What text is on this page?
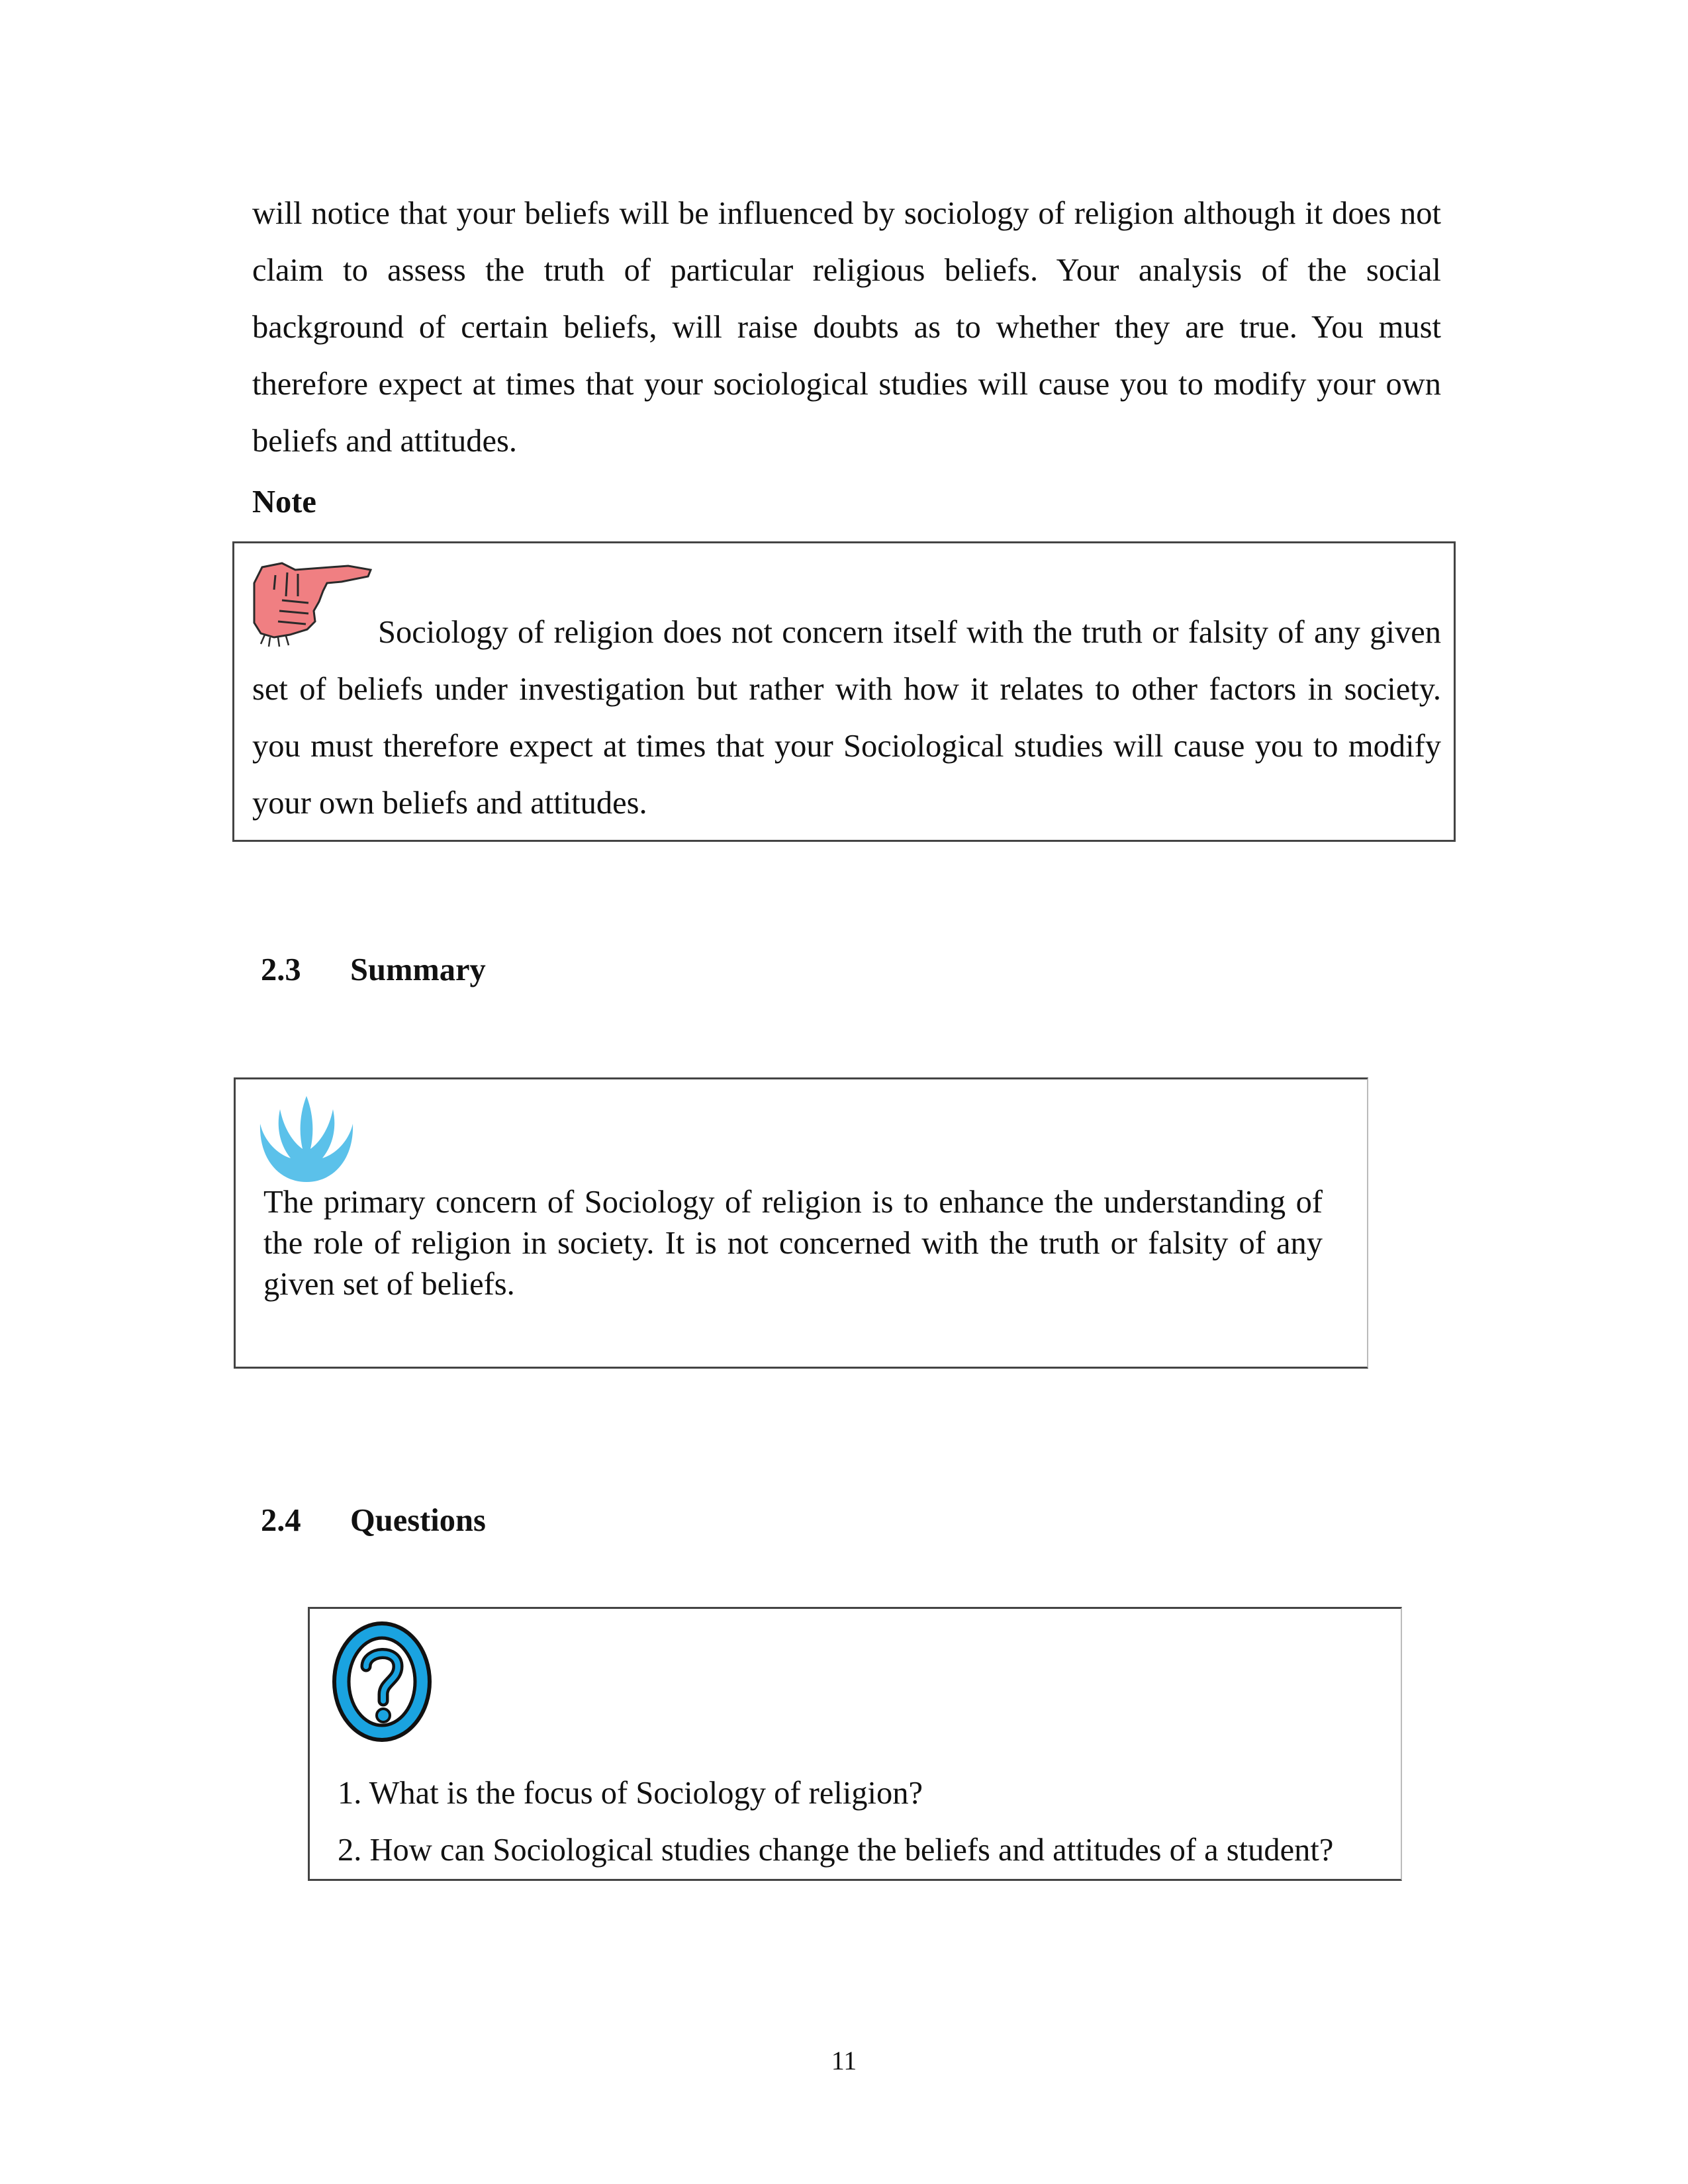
will notice that your beliefs will be influenced by sociology of religion although it does not claim to assess the truth of particular religious beliefs. Your analysis of the social background of certain beliefs, will raise doubts as to whether they are true. You must therefore expect at times that your sociological studies will cause you to modify your own beliefs and attitudes.

Note

Sociology of religion does not concern itself with the truth or falsity of any given set of beliefs under investigation but rather with how it relates to other factors in society. you must therefore expect at times that your Sociological studies will cause you to modify your own beliefs and attitudes.

2.3 Summary

The primary concern of Sociology of religion is to enhance the understanding of the role of religion in society. It is not concerned with the truth or falsity of any given set of beliefs.

2.4 Questions
1. What is the focus of Sociology of religion?
2. How can Sociological studies change the beliefs and attitudes of a student?
11
